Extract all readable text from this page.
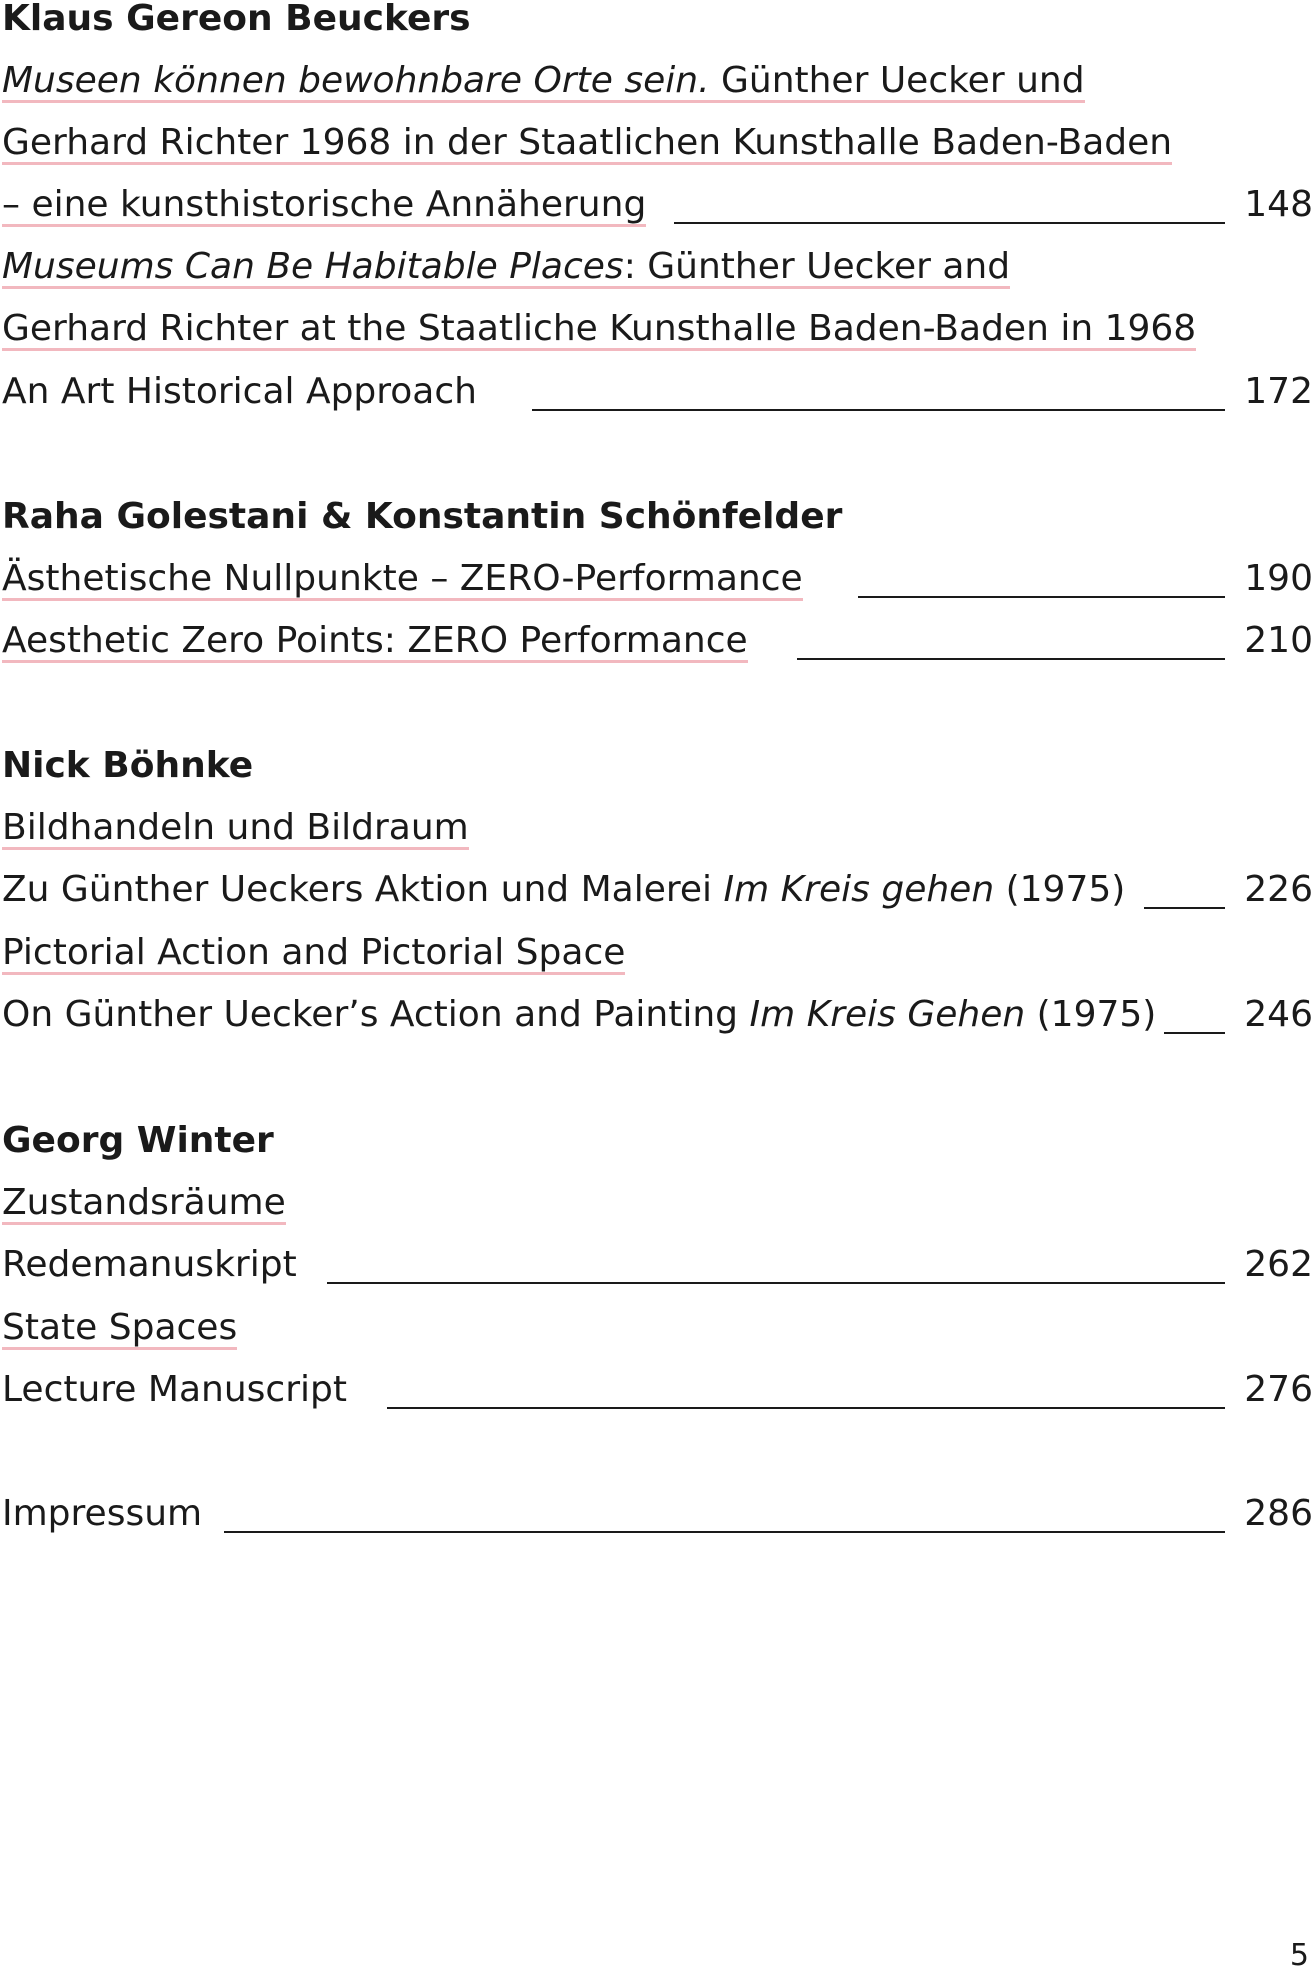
Klaus Gereon Beuckers
Museen können bewohnbare Orte sein. Günther Uecker und
Gerhard Richter 1968 in der Staatlichen Kunsthalle Baden-Baden
– eine kunsthistorische Annäherung	148
Museums Can Be Habitable Places: Günther Uecker and
Gerhard Richter at the Staatliche Kunsthalle Baden-Baden in 1968
An Art Historical Approach	172
Raha Golestani & Konstantin Schönfelder
Ästhetische Nullpunkte – ZERO-Performance	190
Aesthetic Zero Points: ZERO Performance	210
Nick Böhnke
Bildhandeln und Bildraum
Zu Günther Ueckers Aktion und Malerei Im Kreis gehen (1975)	226
Pictorial Action and Pictorial Space
On Günther Uecker’s Action and Painting Im Kreis Gehen (1975) 246
Georg Winter
Zustandsräume
Redemanuskript	262
State Spaces
Lecture Manuscript	276
Impressum	286
5
